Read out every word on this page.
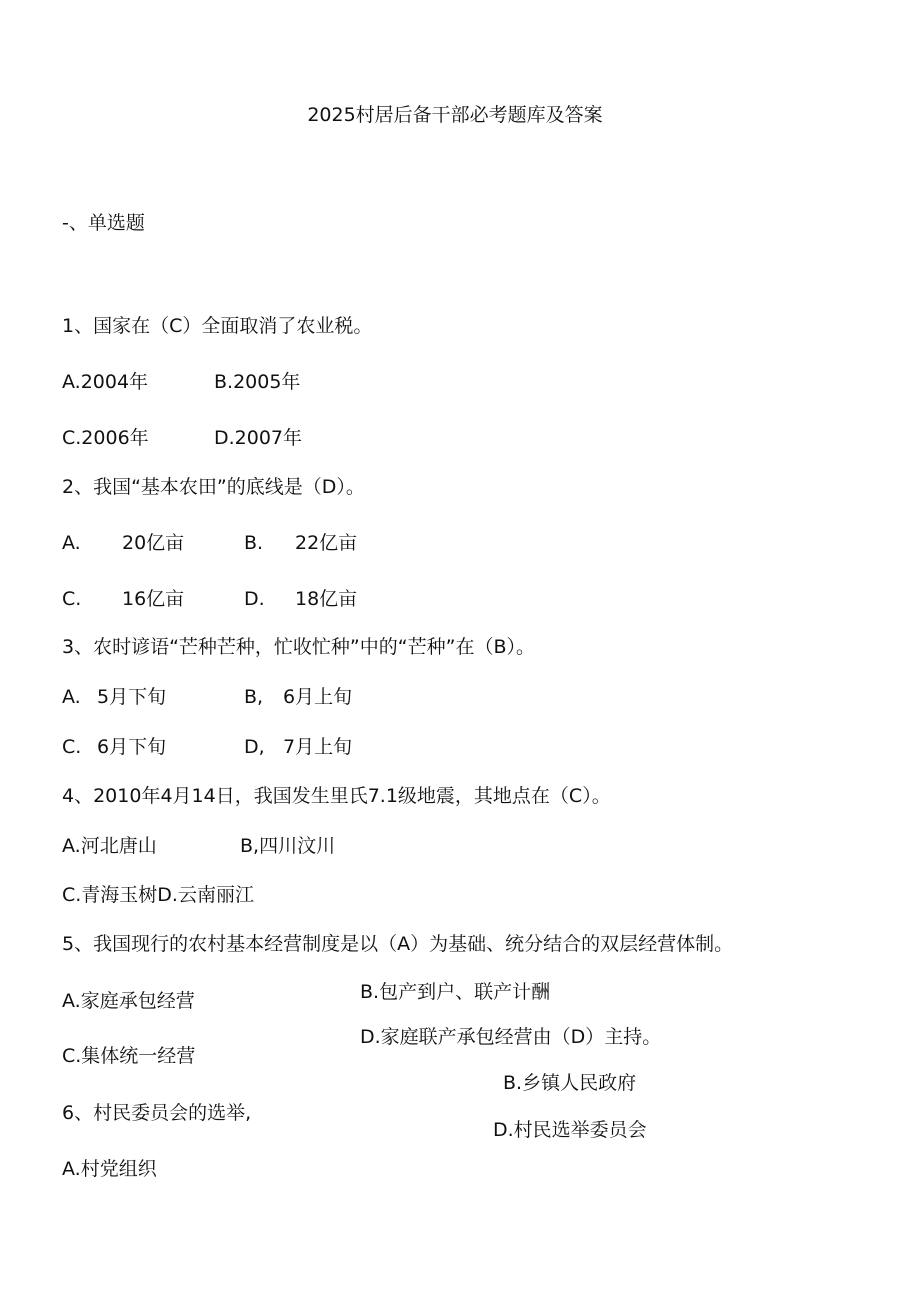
2025村居后备干部必考题库及答案
-、单选题
1、国家在（C）全面取消了农业税。
A.2004年	B.2005年
C.2006年	D.2007年
2、我国“基本农田”的底线是（D）。
A. 20亿亩	B. 22亿亩
C. 16亿亩	D. 18亿亩
3、农时谚语“芒种芒种，忙收忙种”中的“芒种”在（B）。
A. 5月下旬	B, 6月上旬
C. 6月下旬	D, 7月上旬
4、2010年4月14日，我国发生里氏7.1级地震，其地点在（C）。
A.河北唐山	B,四川汶川
C.青海玉树D.云南丽江
5、我国现行的农村基本经营制度是以（A）为基础、统分结合的双层经营体制。
A.家庭承包经营	B.包产到户、联产计酬
C.集体统一经营
D.家庭联产承包经营由（D）主持。
6、村民委员会的选举,
B.乡镇人民政府
D.村民选举委员会
A.村党组织
